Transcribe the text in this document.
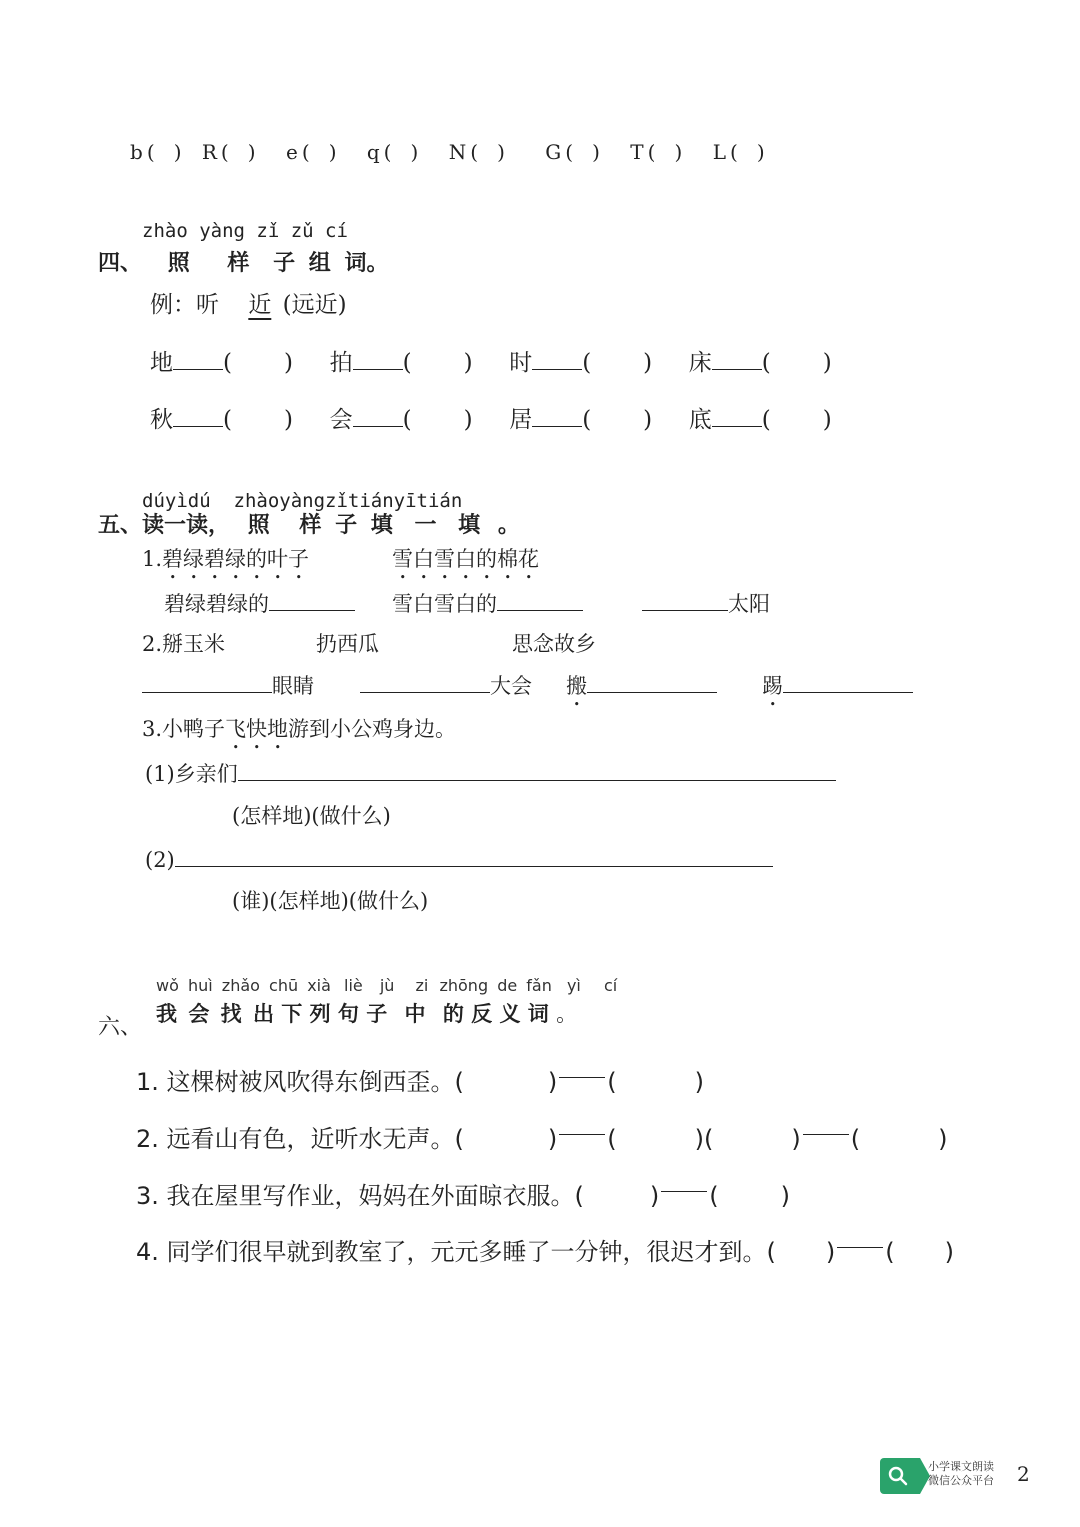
b (   ) R (   ) e (   ) q (   ) N (   ) G (   ) T (   ) L (   )
zhào yàng zǐ zǔ cí
四、 照 样 子 组 词。
例：听 近 (远近)
地 ( ) 拍 ( ) 时 ( ) 床 ( )
秋 ( ) 会 ( ) 居 ( ) 底 ( )
dúyìdú  zhàoyàngzǐtiányītián
五、读一读， 照 样 子 填 一 填 。
1.碧绿碧绿的叶子	雪白雪白的棉花
碧绿碧绿的	雪白雪白的	太阳
2.掰玉米	扔西瓜	思念故乡
眼睛	大会 搬	踢
3.小鸭子飞快地游到小公鸡身边。
(1)乡亲们
(怎样地)(做什么)
(2)
(谁)(怎样地)(做什么)
wǒ huì zhǎo chū xià liè jù zi zhōng de fǎn yì cí
六、
我 会 找 出 下 列 句 子 中 的 反 义 词 。
1. 这棵树被风吹得东倒西歪。(	) (	)
2. 远看山有色，近听水无声。(	) (	)(	) (	)
3. 我在屋里写作业，妈妈在外面晾衣服。(	) (	)
4. 同学们很早就到教室了，元元多睡了一分钟，很迟才到。( ) ( )
小学课文朗读
微信公众平台 2
